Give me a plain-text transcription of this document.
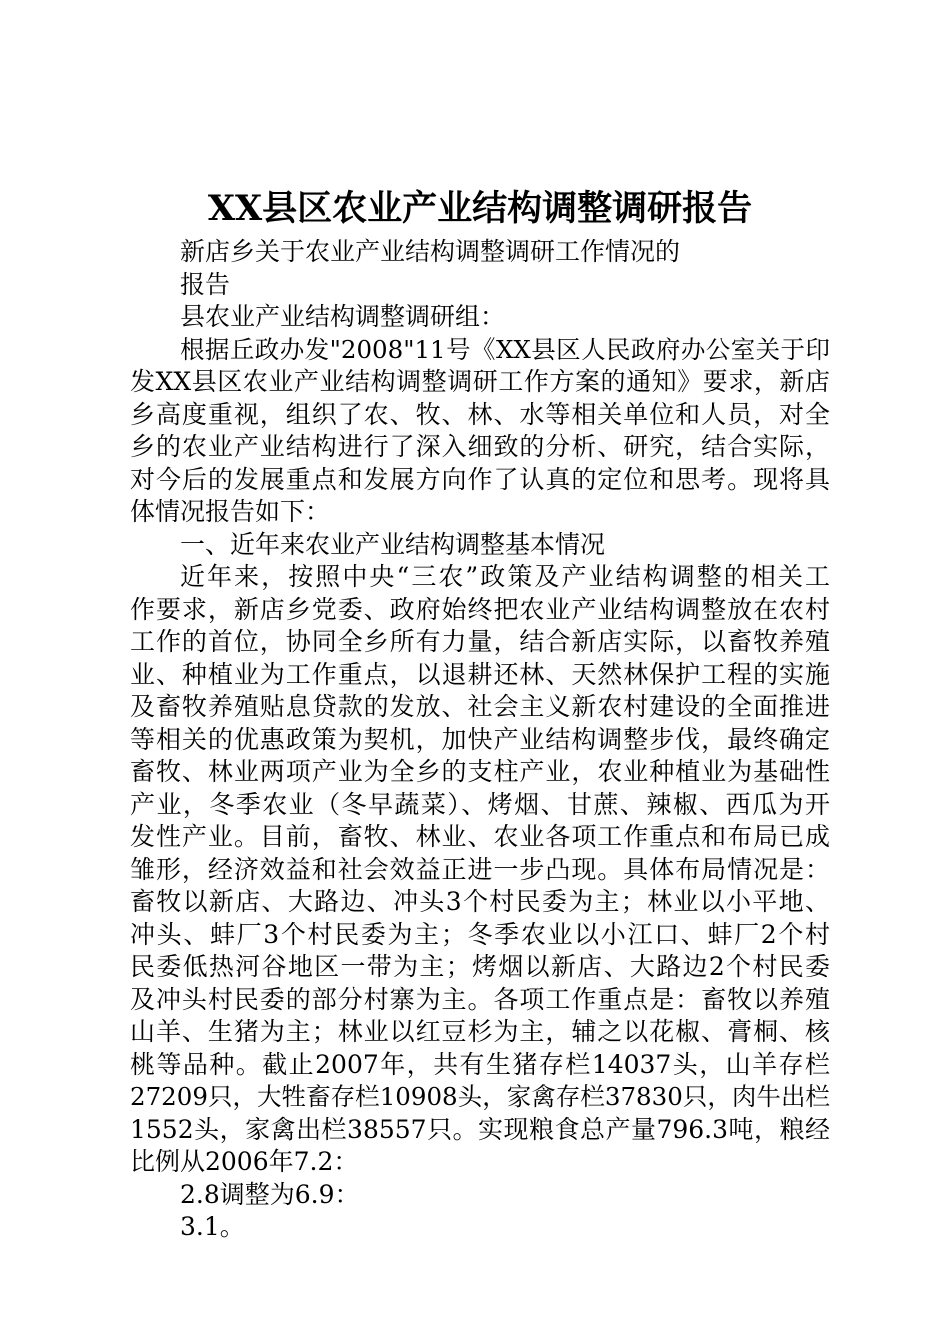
XX县区农业产业结构调整调研报告

新店乡关于农业产业结构调整调研工作情况的

报告

县农业产业结构调整调研组：

根据丘政办发"2008"11号《XX县区人民政府办公室关于印

发XX县区农业产业结构调整调研工作方案的通知》要求，新店

乡高度重视，组织了农、牧、林、水等相关单位和人员，对全

乡的农业产业结构进行了深入细致的分析、研究，结合实际，

对今后的发展重点和发展方向作了认真的定位和思考。现将具

体情况报告如下：

一、近年来农业产业结构调整基本情况

近年来，按照中央“三农”政策及产业结构调整的相关工

作要求，新店乡党委、政府始终把农业产业结构调整放在农村

工作的首位，协同全乡所有力量，结合新店实际，以畜牧养殖

业、种植业为工作重点，以退耕还林、天然林保护工程的实施

及畜牧养殖贴息贷款的发放、社会主义新农村建设的全面推进

等相关的优惠政策为契机，加快产业结构调整步伐，最终确定

畜牧、林业两项产业为全乡的支柱产业，农业种植业为基础性

产业，冬季农业（冬早蔬菜）、烤烟、甘蔗、辣椒、西瓜为开

发性产业。目前，畜牧、林业、农业各项工作重点和布局已成

雏形，经济效益和社会效益正进一步凸现。具体布局情况是：

畜牧以新店、大路边、冲头3个村民委为主；林业以小平地、

冲头、蚌厂3个村民委为主；冬季农业以小江口、蚌厂2个村

民委低热河谷地区一带为主；烤烟以新店、大路边2个村民委

及冲头村民委的部分村寨为主。各项工作重点是：畜牧以养殖

山羊、生猪为主；林业以红豆杉为主，辅之以花椒、膏桐、核

桃等品种。截止2007年，共有生猪存栏14037头，山羊存栏

27209只，大牲畜存栏10908头，家禽存栏37830只，肉牛出栏

1552头，家禽出栏38557只。实现粮食总产量796.3吨，粮经

比例从2006年7.2：

2.8调整为6.9：

3.1。
